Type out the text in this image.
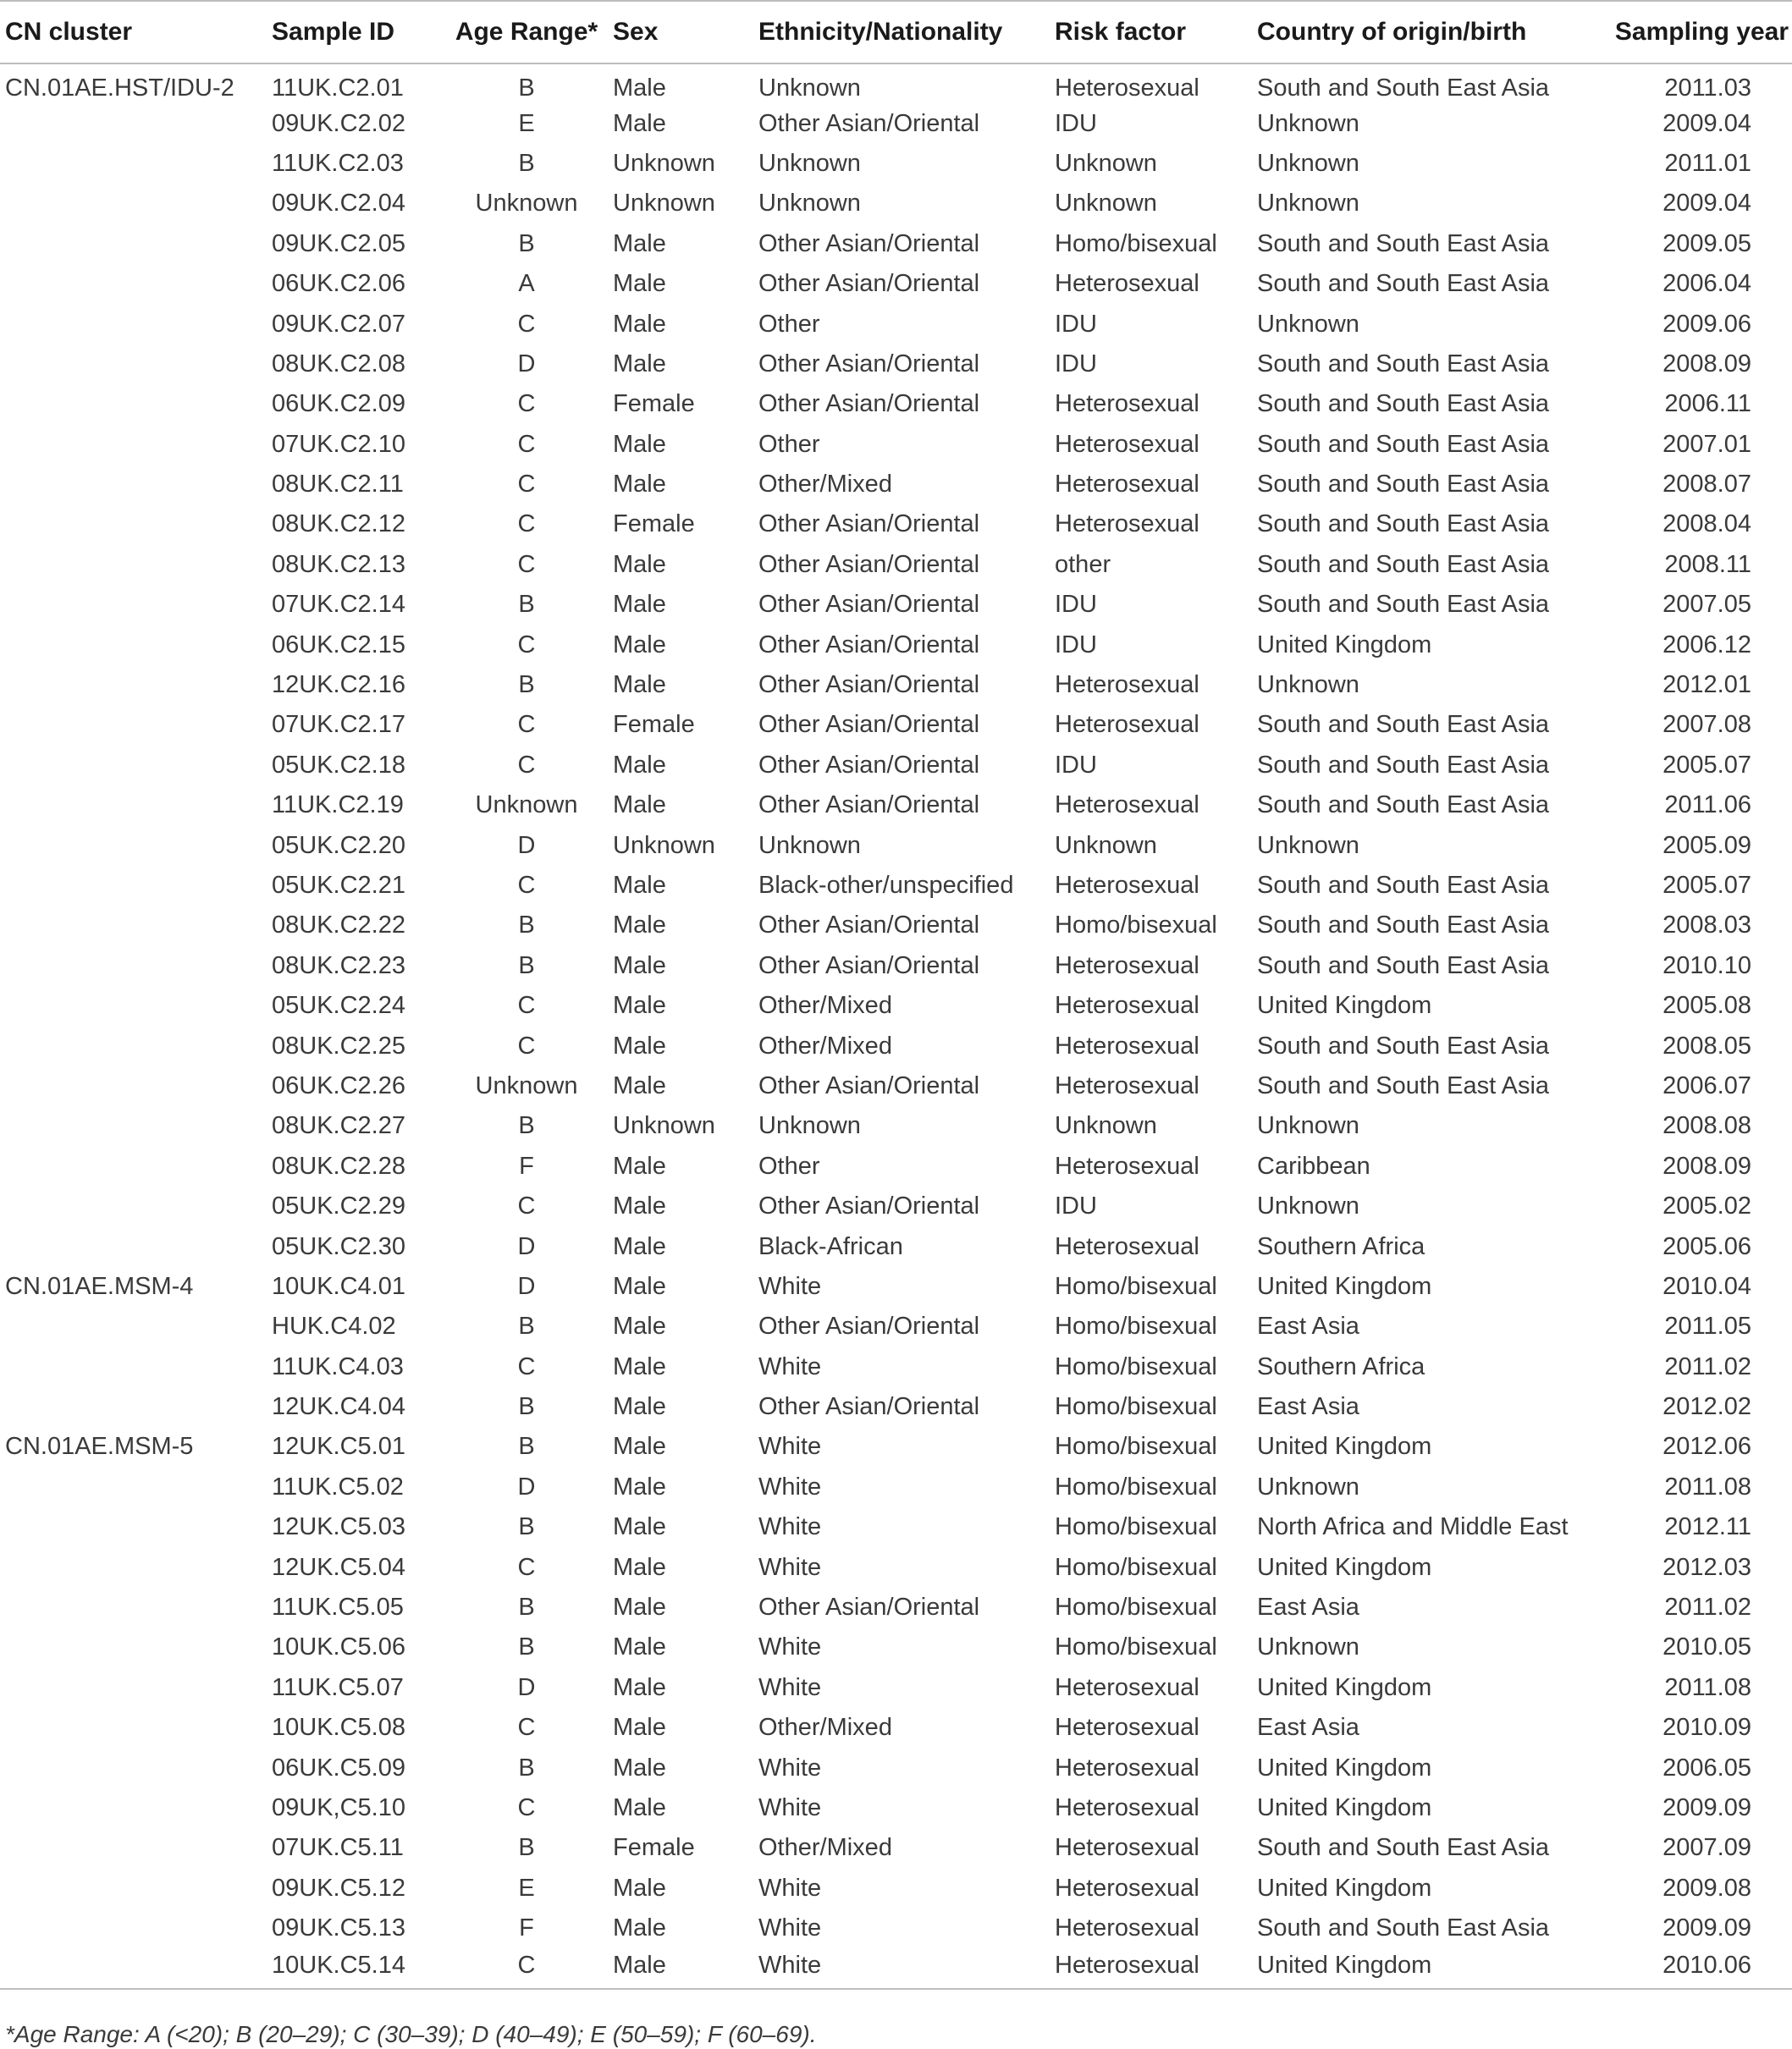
CN cluster	Sample ID	Age Range*	Sex	Ethnicity/Nationality	Risk factor	Country of origin/birth	Sampling year
CN.01AE.HST/IDU-2	11UK.C2.01	B	Male	Unknown	Heterosexual	South and South East Asia	2011.03
	09UK.C2.02	E	Male	Other Asian/Oriental	IDU	Unknown	2009.04
	11UK.C2.03	B	Unknown	Unknown	Unknown	Unknown	2011.01
	09UK.C2.04	Unknown	Unknown	Unknown	Unknown	Unknown	2009.04
	09UK.C2.05	B	Male	Other Asian/Oriental	Homo/bisexual	South and South East Asia	2009.05
	06UK.C2.06	A	Male	Other Asian/Oriental	Heterosexual	South and South East Asia	2006.04
	09UK.C2.07	C	Male	Other	IDU	Unknown	2009.06
	08UK.C2.08	D	Male	Other Asian/Oriental	IDU	South and South East Asia	2008.09
	06UK.C2.09	C	Female	Other Asian/Oriental	Heterosexual	South and South East Asia	2006.11
	07UK.C2.10	C	Male	Other	Heterosexual	South and South East Asia	2007.01
	08UK.C2.11	C	Male	Other/Mixed	Heterosexual	South and South East Asia	2008.07
	08UK.C2.12	C	Female	Other Asian/Oriental	Heterosexual	South and South East Asia	2008.04
	08UK.C2.13	C	Male	Other Asian/Oriental	other	South and South East Asia	2008.11
	07UK.C2.14	B	Male	Other Asian/Oriental	IDU	South and South East Asia	2007.05
	06UK.C2.15	C	Male	Other Asian/Oriental	IDU	United Kingdom	2006.12
	12UK.C2.16	B	Male	Other Asian/Oriental	Heterosexual	Unknown	2012.01
	07UK.C2.17	C	Female	Other Asian/Oriental	Heterosexual	South and South East Asia	2007.08
	05UK.C2.18	C	Male	Other Asian/Oriental	IDU	South and South East Asia	2005.07
	11UK.C2.19	Unknown	Male	Other Asian/Oriental	Heterosexual	South and South East Asia	2011.06
	05UK.C2.20	D	Unknown	Unknown	Unknown	Unknown	2005.09
	05UK.C2.21	C	Male	Black-other/unspecified	Heterosexual	South and South East Asia	2005.07
	08UK.C2.22	B	Male	Other Asian/Oriental	Homo/bisexual	South and South East Asia	2008.03
	08UK.C2.23	B	Male	Other Asian/Oriental	Heterosexual	South and South East Asia	2010.10
	05UK.C2.24	C	Male	Other/Mixed	Heterosexual	United Kingdom	2005.08
	08UK.C2.25	C	Male	Other/Mixed	Heterosexual	South and South East Asia	2008.05
	06UK.C2.26	Unknown	Male	Other Asian/Oriental	Heterosexual	South and South East Asia	2006.07
	08UK.C2.27	B	Unknown	Unknown	Unknown	Unknown	2008.08
	08UK.C2.28	F	Male	Other	Heterosexual	Caribbean	2008.09
	05UK.C2.29	C	Male	Other Asian/Oriental	IDU	Unknown	2005.02
	05UK.C2.30	D	Male	Black-African	Heterosexual	Southern Africa	2005.06
CN.01AE.MSM-4	10UK.C4.01	D	Male	White	Homo/bisexual	United Kingdom	2010.04
	HUK.C4.02	B	Male	Other Asian/Oriental	Homo/bisexual	East Asia	2011.05
	11UK.C4.03	C	Male	White	Homo/bisexual	Southern Africa	2011.02
	12UK.C4.04	B	Male	Other Asian/Oriental	Homo/bisexual	East Asia	2012.02
CN.01AE.MSM-5	12UK.C5.01	B	Male	White	Homo/bisexual	United Kingdom	2012.06
	11UK.C5.02	D	Male	White	Homo/bisexual	Unknown	2011.08
	12UK.C5.03	B	Male	White	Homo/bisexual	North Africa and Middle East	2012.11
	12UK.C5.04	C	Male	White	Homo/bisexual	United Kingdom	2012.03
	11UK.C5.05	B	Male	Other Asian/Oriental	Homo/bisexual	East Asia	2011.02
	10UK.C5.06	B	Male	White	Homo/bisexual	Unknown	2010.05
	11UK.C5.07	D	Male	White	Heterosexual	United Kingdom	2011.08
	10UK.C5.08	C	Male	Other/Mixed	Heterosexual	East Asia	2010.09
	06UK.C5.09	B	Male	White	Heterosexual	United Kingdom	2006.05
	09UK,C5.10	C	Male	White	Heterosexual	United Kingdom	2009.09
	07UK.C5.11	B	Female	Other/Mixed	Heterosexual	South and South East Asia	2007.09
	09UK.C5.12	E	Male	White	Heterosexual	United Kingdom	2009.08
	09UK.C5.13	F	Male	White	Heterosexual	South and South East Asia	2009.09
	10UK.C5.14	C	Male	White	Heterosexual	United Kingdom	2010.06
*Age Range: A (<20); B (20–29); C (30–39); D (40–49); E (50–59); F (60–69).
